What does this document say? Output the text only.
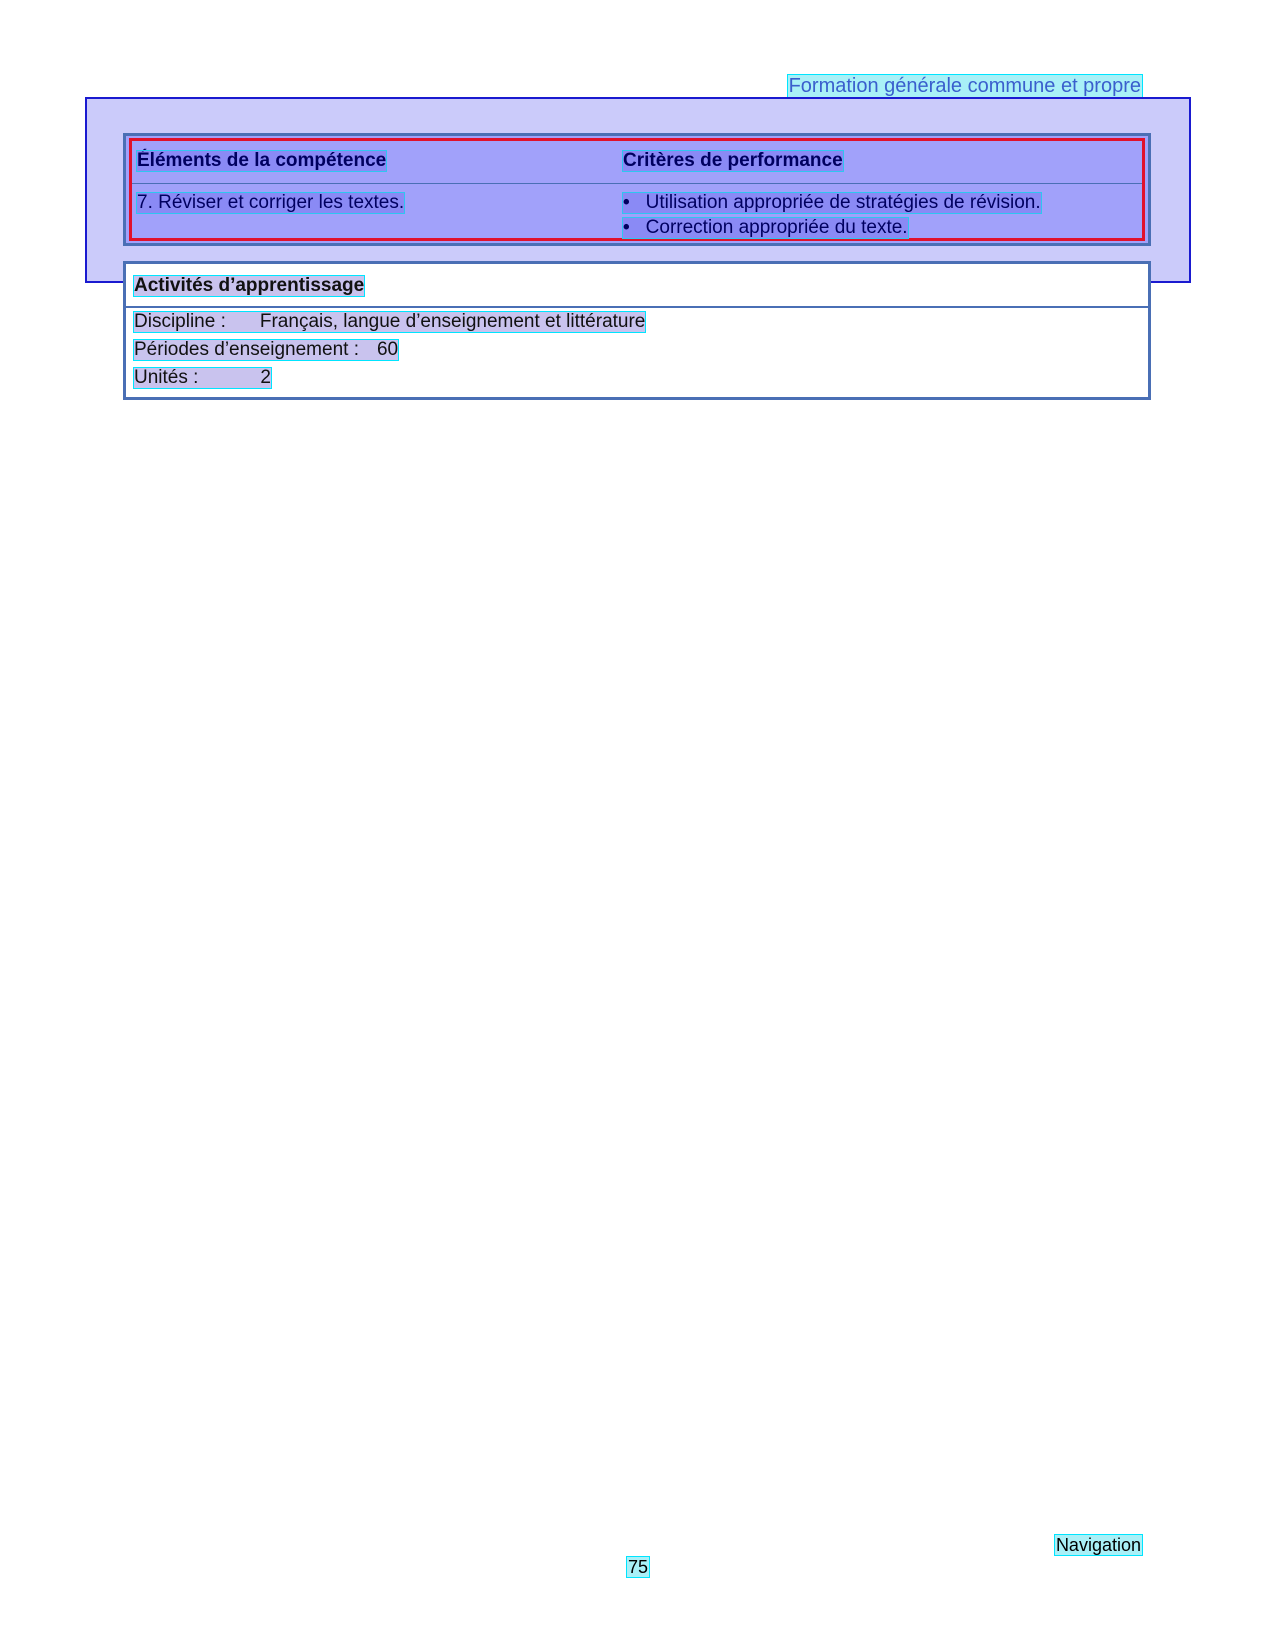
Formation générale commune et propre
Éléments de la compétence	Critères de performance
7. Réviser et corriger les textes.	• Utilisation appropriée de stratégies de révision.
• Correction appropriée du texte.
Activités d’apprentissage
Discipline : Français, langue d’enseignement et littérature
Périodes d’enseignement : 60
Unités :	2
Navigation
75
